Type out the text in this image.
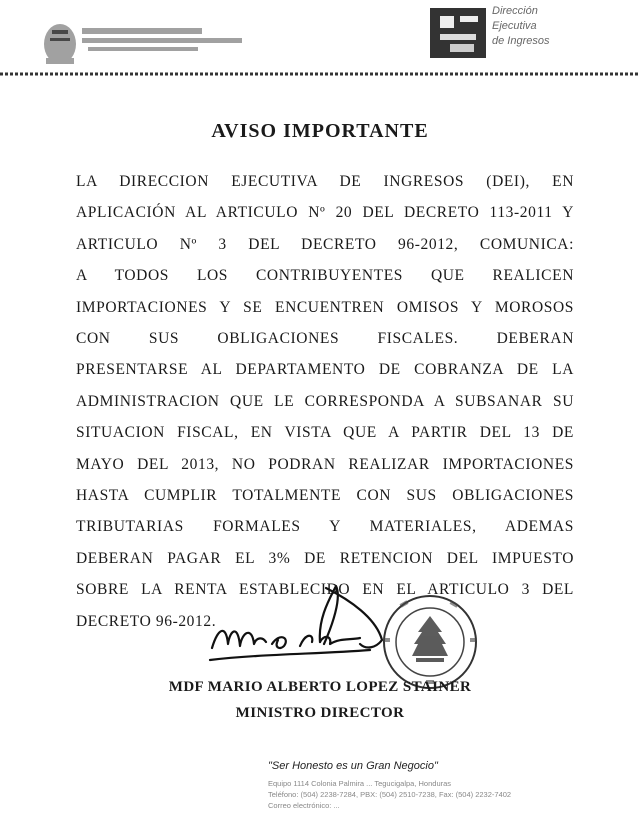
Dirección
Ejecutiva
de Ingresos
AVISO IMPORTANTE
LA DIRECCION EJECUTIVA DE INGRESOS (DEI), EN
APLICACIÓN AL ARTICULO Nº 20 DEL DECRETO 113-2011 Y
ARTICULO Nº 3 DEL DECRETO 96-2012, COMUNICA:
A TODOS LOS CONTRIBUYENTES QUE REALICEN
IMPORTACIONES Y SE ENCUENTREN OMISOS Y MOROSOS
CON SUS OBLIGACIONES FISCALES. DEBERAN
PRESENTARSE AL DEPARTAMENTO DE COBRANZA DE LA
ADMINISTRACION QUE LE CORRESPONDA A SUBSANAR SU
SITUACION FISCAL, EN VISTA QUE A PARTIR DEL 13 DE
MAYO DEL 2013, NO PODRAN REALIZAR IMPORTACIONES
HASTA CUMPLIR TOTALMENTE CON SUS OBLIGACIONES
TRIBUTARIAS FORMALES Y MATERIALES, ADEMAS
DEBERAN PAGAR EL 3% DE RETENCION DEL IMPUESTO
SOBRE LA RENTA ESTABLECIDO EN EL ARTICULO 3 DEL
DECRETO 96-2012.
MDF MARIO ALBERTO LOPEZ STAINER
MINISTRO DIRECTOR
"Ser Honesto es un Gran Negocio"
Equipo 1114 Colonia Palmira ... Tegucigalpa, Honduras
Teléfono: (504) 2238-7284, PBX: (504) 2510-7238, Fax: (504) 2232-7402
Correo electrónico: ...
